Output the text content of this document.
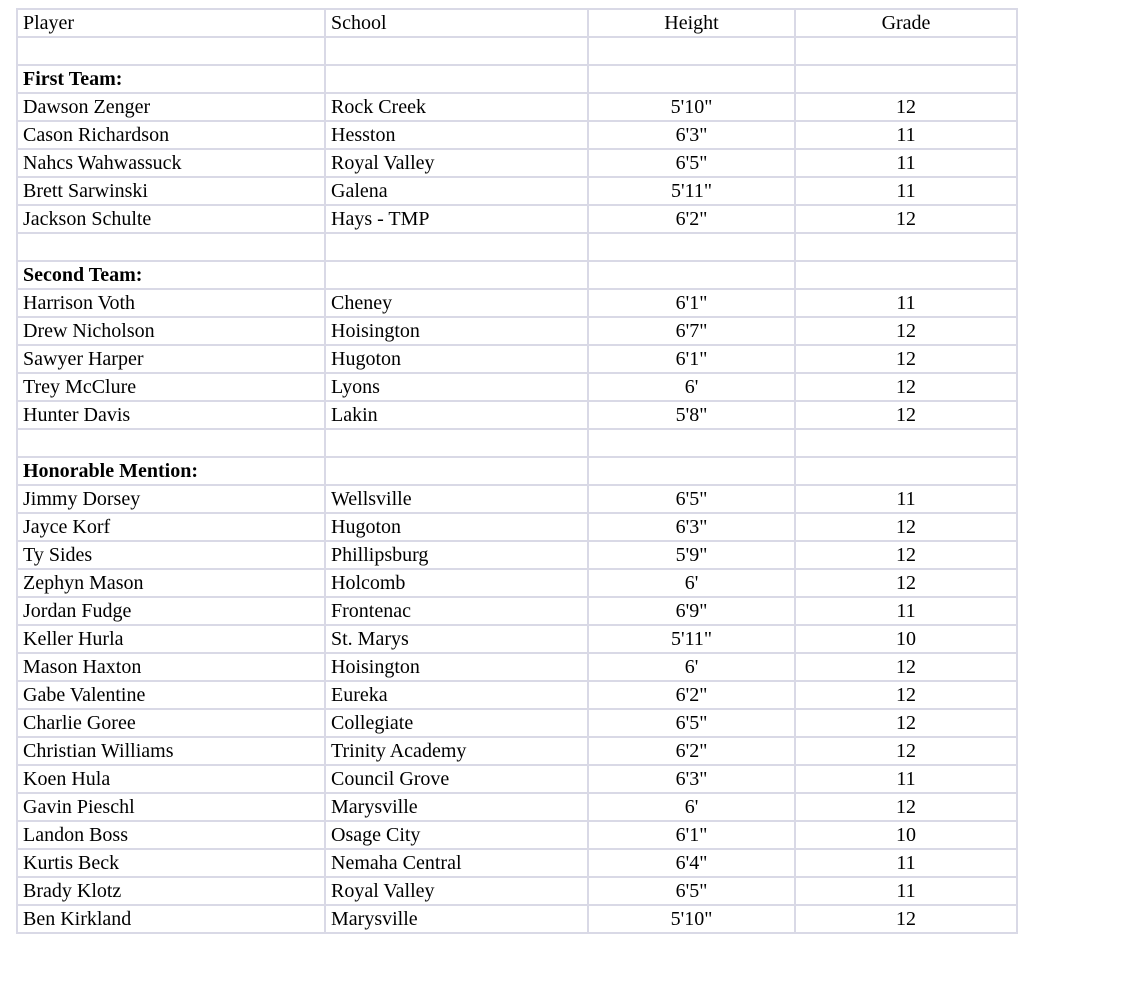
Player	School	Height	Grade

First Team:			
Dawson Zenger	Rock Creek	5'10"	12
Cason Richardson	Hesston	6'3"	11
Nahcs Wahwassuck	Royal Valley	6'5"	11
Brett Sarwinski	Galena	5'11"	11
Jackson Schulte	Hays - TMP	6'2"	12

Second Team:			
Harrison Voth	Cheney	6'1"	11
Drew Nicholson	Hoisington	6'7"	12
Sawyer Harper	Hugoton	6'1"	12
Trey McClure	Lyons	6'	12
Hunter Davis	Lakin	5'8"	12

Honorable Mention:			
Jimmy Dorsey	Wellsville	6'5"	11
Jayce Korf	Hugoton	6'3"	12
Ty Sides	Phillipsburg	5'9"	12
Zephyn Mason	Holcomb	6'	12
Jordan Fudge	Frontenac	6'9"	11
Keller Hurla	St. Marys	5'11"	10
Mason Haxton	Hoisington	6'	12
Gabe Valentine	Eureka	6'2"	12
Charlie Goree	Collegiate	6'5"	12
Christian Williams	Trinity Academy	6'2"	12
Koen Hula	Council Grove	6'3"	11
Gavin Pieschl	Marysville	6'	12
Landon Boss	Osage City	6'1"	10
Kurtis Beck	Nemaha Central	6'4"	11
Brady Klotz	Royal Valley	6'5"	11
Ben Kirkland	Marysville	5'10"	12
